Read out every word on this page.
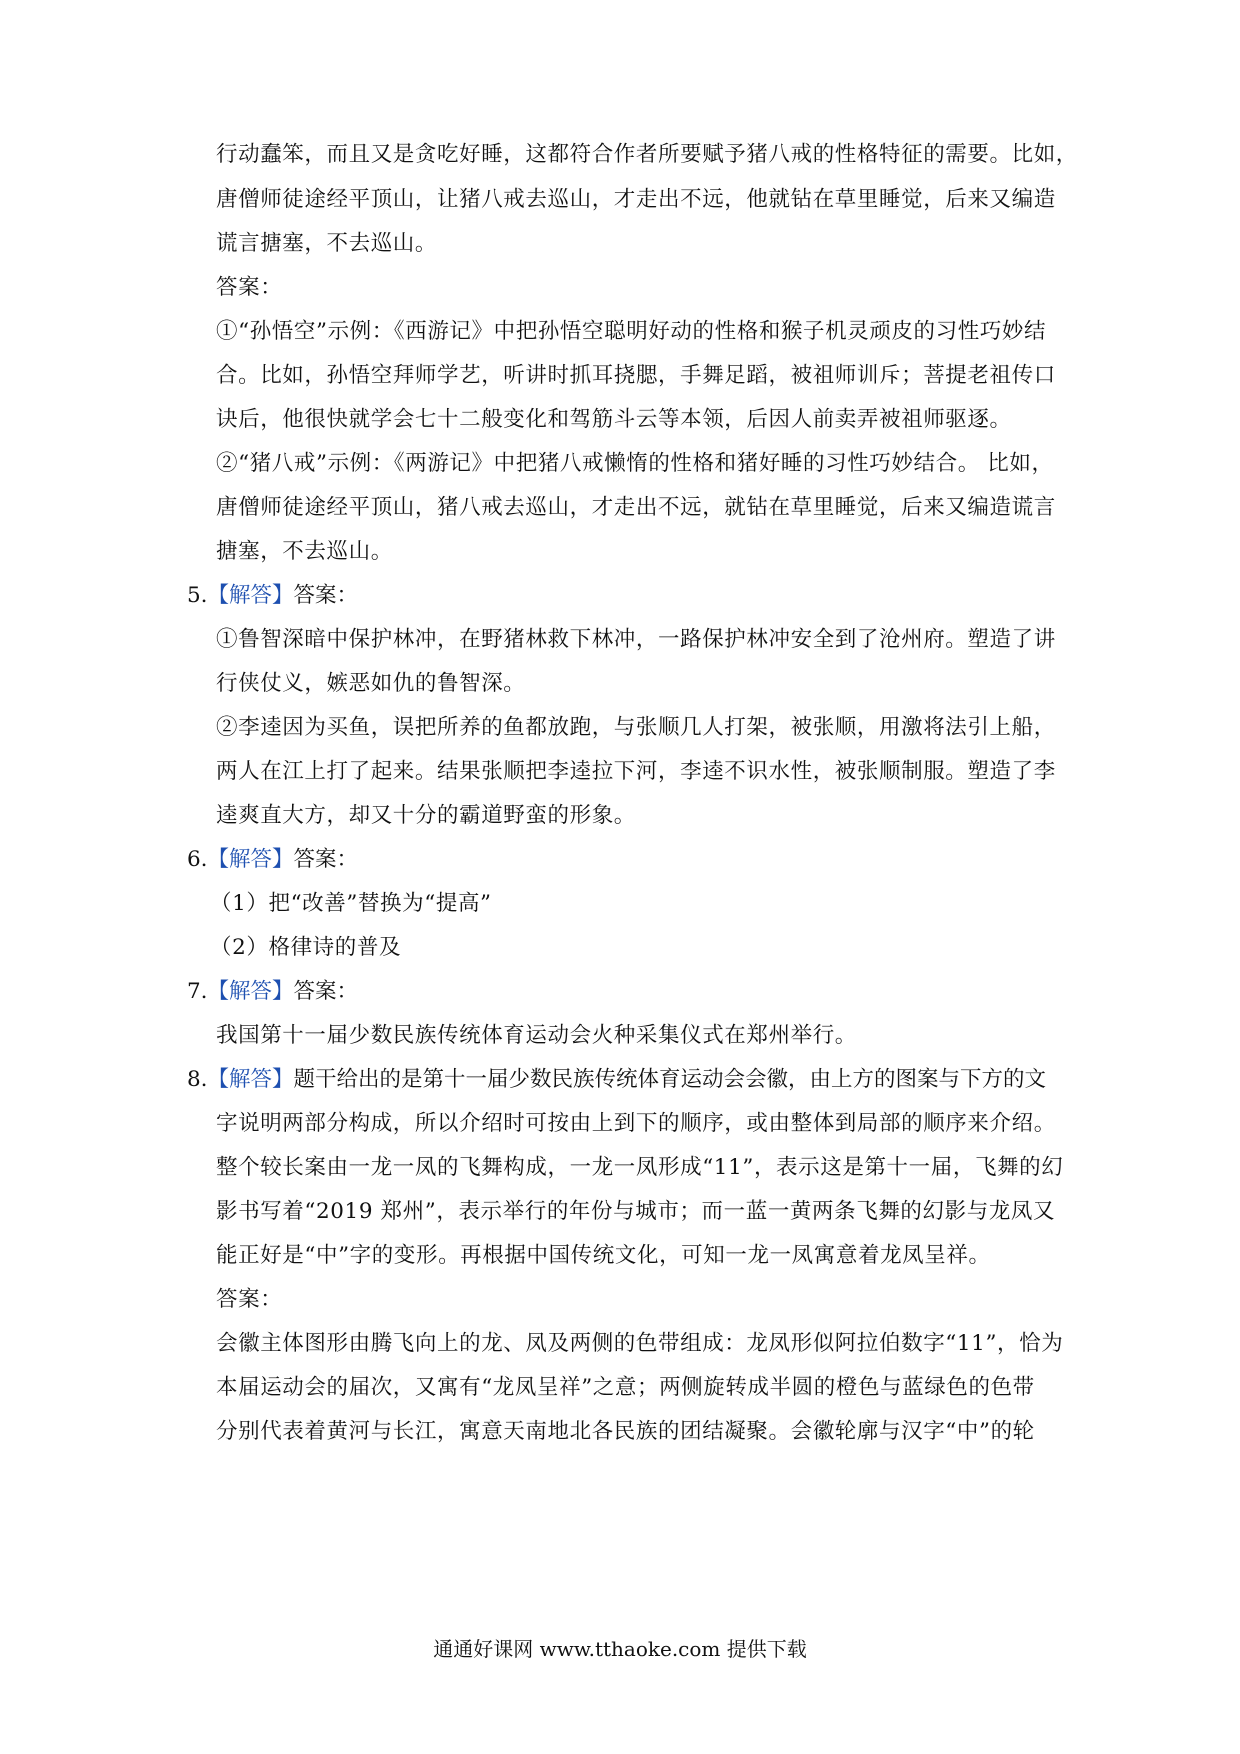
行动蠢笨，而且又是贪吃好睡，这都符合作者所要赋予猪八戒的性格特征的需要。比如，
唐僧师徒途经平顶山，让猪八戒去巡山，才走出不远，他就钻在草里睡觉，后来又编造
谎言搪塞，不去巡山。
答案：
①“孙悟空”示例：《西游记》中把孙悟空聪明好动的性格和猴子机灵顽皮的习性巧妙结
合。比如，孙悟空拜师学艺，听讲时抓耳挠腮，手舞足蹈，被祖师训斥；菩提老祖传口
诀后，他很快就学会七十二般变化和驾筋斗云等本领，后因人前卖弄被祖师驱逐。
②“猪八戒”示例：《两游记》中把猪八戒懒惰的性格和猪好睡的习性巧妙结合。 比如，
唐僧师徒途经平顶山，猪八戒去巡山，才走出不远，就钻在草里睡觉，后来又编造谎言
搪塞，不去巡山。
5.【解答】答案：
①鲁智深暗中保护林冲，在野猪林救下林冲，一路保护林冲安全到了沧州府。塑造了讲
行侠仗义，嫉恶如仇的鲁智深。
②李逵因为买鱼，误把所养的鱼都放跑，与张顺几人打架，被张顺，用激将法引上船，
两人在江上打了起来。结果张顺把李逵拉下河，李逵不识水性，被张顺制服。塑造了李
逵爽直大方，却又十分的霸道野蛮的形象。
6.【解答】答案：
（1）把“改善”替换为“提高”
（2）格律诗的普及
7.【解答】答案：
我国第十一届少数民族传统体育运动会火种采集仪式在郑州举行。
8.【解答】题干给出的是第十一届少数民族传统体育运动会会徽，由上方的图案与下方的文
字说明两部分构成，所以介绍时可按由上到下的顺序，或由整体到局部的顺序来介绍。
整个较长案由一龙一凤的飞舞构成，一龙一凤形成“11”，表示这是第十一届，飞舞的幻
影书写着“2019 郑州”，表示举行的年份与城市；而一蓝一黄两条飞舞的幻影与龙凤又
能正好是“中”字的变形。再根据中国传统文化，可知一龙一凤寓意着龙凤呈祥。
答案：
会徽主体图形由腾飞向上的龙、凤及两侧的色带组成：龙凤形似阿拉伯数字“11”，恰为
本届运动会的届次，又寓有“龙凤呈祥”之意；两侧旋转成半圆的橙色与蓝绿色的色带
分别代表着黄河与长江，寓意天南地北各民族的团结凝聚。会徽轮廓与汉字“中”的轮
通通好课网 www.tthaoke.com 提供下载
